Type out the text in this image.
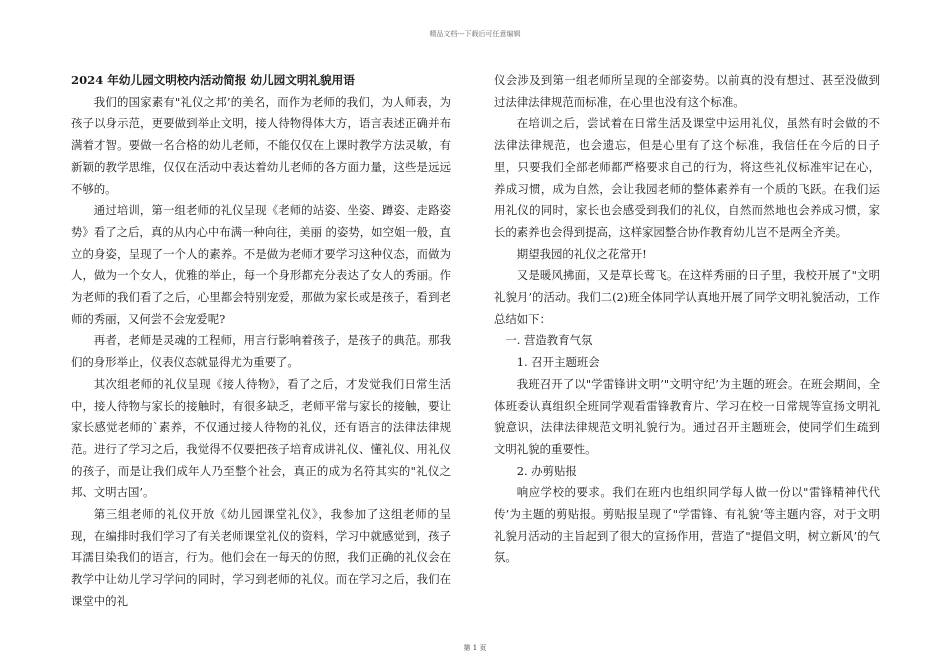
精品文档---下载后可任意编辑
2024 年幼儿园文明校内活动简报 幼儿园文明礼貌用语

我们的国家素有"礼仪之邦’的美名，而作为老师的我们，为人师表，为孩子以身示范，更要做到举止文明，接人待物得体大方，语言表述正确并布满着才智。要做一名合格的幼儿老师，不能仅仅在上课时教学方法灵敏，有新颖的教学思维，仅仅在活动中表达着幼儿老师的各方面力量，这些是远远不够的。

通过培训，第一组老师的礼仪呈现《老师的站姿、坐姿、蹲姿、走路姿势》看了之后，真的从内心中布满一种向往，美丽 的姿势，如空姐一般，直立的身姿，呈现了一个人的素养。不是做为老师才要学习这种仪态，而做为人，做为一个女人，优雅的举止，每一个身形都充分表达了女人的秀丽。作为老师的我们看了之后，心里都会特别宠爱，那做为家长或是孩子，看到老师的秀丽，又何尝不会宠爱呢?

再者，老师是灵魂的工程师，用言行影响着孩子，是孩子的典范。那我们的身形举止，仪表仪态就显得尤为重要了。

其次组老师的礼仪呈现《接人待物》，看了之后，才发觉我们日常生活中，接人待物与家长的接触时，有很多缺乏，老师平常与家长的接触，要让家长感觉老师的`素养，不仅通过接人待物的礼仪，还有语言的法律法律规范。进行了学习之后，我觉得不仅要把孩子培育成讲礼仪、懂礼仪、用礼仪的孩子，而是让我们成年人乃至整个社会，真正的成为名符其实的"礼仪之邦、文明古国’。

第三组老师的礼仪开放《幼儿园课堂礼仪》，我参加了这组老师的呈现，在编排时我们学习了有关老师课堂礼仪的资料，学习中就感觉到，孩子耳濡目染我们的语言，行为。他们会在一每天的仿照，我们正确的礼仪会在教学中让幼儿学习学问的同时，学习到老师的礼仪。而在学习之后，我们在课堂中的礼

仪会涉及到第一组老师所呈现的全部姿势。以前真的没有想过、甚至没做到过法律法律规范而标准，在心里也没有这个标准。

在培训之后，尝试着在日常生活及课堂中运用礼仪，虽然有时会做的不法律法律规范，也会遗忘，但是心里有了这个标准，我信任在今后的日子里，只要我们全部老师都严格要求自己的行为，将这些礼仪标准牢记在心，养成习惯，成为自然，会让我园老师的整体素养有一个质的飞跃。在我们运用礼仪的同时，家长也会感受到我们的礼仪，自然而然地也会养成习惯，家长的素养也会得到提高，这样家园整合协作教育幼儿岂不是两全齐美。

期望我园的礼仪之花常开!

又是暖风拂面，又是草长莺飞。在这样秀丽的日子里，我校开展了"文明礼貌月’的活动。我们二(2)班全体同学认真地开展了同学文明礼貌活动，工作总结如下：

一. 营造教育气氛

1. 召开主题班会

我班召开了以"学雷锋讲文明’"文明守纪’为主题的班会。在班会期间，全体班委认真组织全班同学观看雷锋教育片、学习在校一日常规等宣扬文明礼貌意识，法律法律规范文明礼貌行为。通过召开主题班会，使同学们生疏到文明礼貌的重要性。

2. 办剪贴报

响应学校的要求。我们在班内也组织同学每人做一份以"雷锋精神代代传’为主题的剪贴报。剪贴报呈现了"学雷锋、有礼貌’等主题内容，对于文明礼貌月活动的主旨起到了很大的宣扬作用，营造了"提倡文明，树立新风’的气氛。

第 1 页
